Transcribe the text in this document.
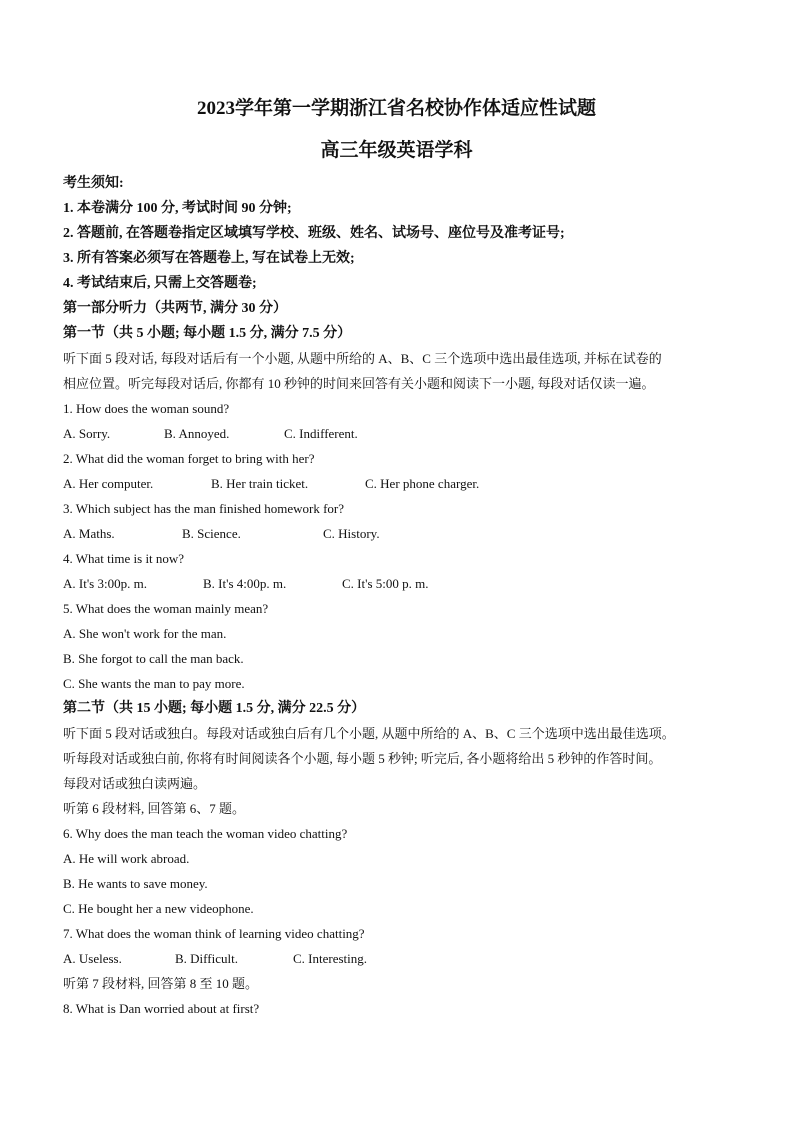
2023学年第一学期浙江省名校协作体适应性试题

高三年级英语学科

考生须知:

1. 本卷满分 100 分, 考试时间 90 分钟;

2. 答题前, 在答题卷指定区域填写学校、班级、姓名、试场号、座位号及准考证号;

3. 所有答案必须写在答题卷上, 写在试卷上无效;

4. 考试结束后, 只需上交答题卷;

第一部分听力（共两节, 满分 30 分）

第一节（共 5 小题; 每小题 1.5 分, 满分 7.5 分）

听下面 5 段对话, 每段对话后有一个小题, 从题中所给的 A、B、C 三个选项中选出最佳选项, 并标在试卷的

相应位置。听完每段对话后, 你都有 10 秒钟的时间来回答有关小题和阅读下一小题, 每段对话仅读一遍。

1. How does the woman sound?

A. Sorry.	B. Annoyed.	C. Indifferent.

2. What did the woman forget to bring with her?

A. Her computer.	B. Her train ticket.	C. Her phone charger.

3. Which subject has the man finished homework for?

A. Maths.	B. Science.	C. History.

4. What time is it now?

A. It's 3:00p. m.	B. It's 4:00p. m.	C. It's 5:00 p. m.

5. What does the woman mainly mean?

A. She won't work for the man.

B. She forgot to call the man back.

C. She wants the man to pay more.

第二节（共 15 小题; 每小题 1.5 分, 满分 22.5 分）

听下面 5 段对话或独白。每段对话或独白后有几个小题, 从题中所给的 A、B、C 三个选项中选出最佳选项。

听每段对话或独白前, 你将有时间阅读各个小题, 每小题 5 秒钟; 听完后, 各小题将给出 5 秒钟的作答时间。

每段对话或独白读两遍。

听第 6 段材料, 回答第 6、7 题。

6. Why does the man teach the woman video chatting?

A. He will work abroad.

B. He wants to save money.

C. He bought her a new videophone.

7. What does the woman think of learning video chatting?

A. Useless.	B. Difficult.	C. Interesting.

听第 7 段材料, 回答第 8 至 10 题。

8. What is Dan worried about at first?
